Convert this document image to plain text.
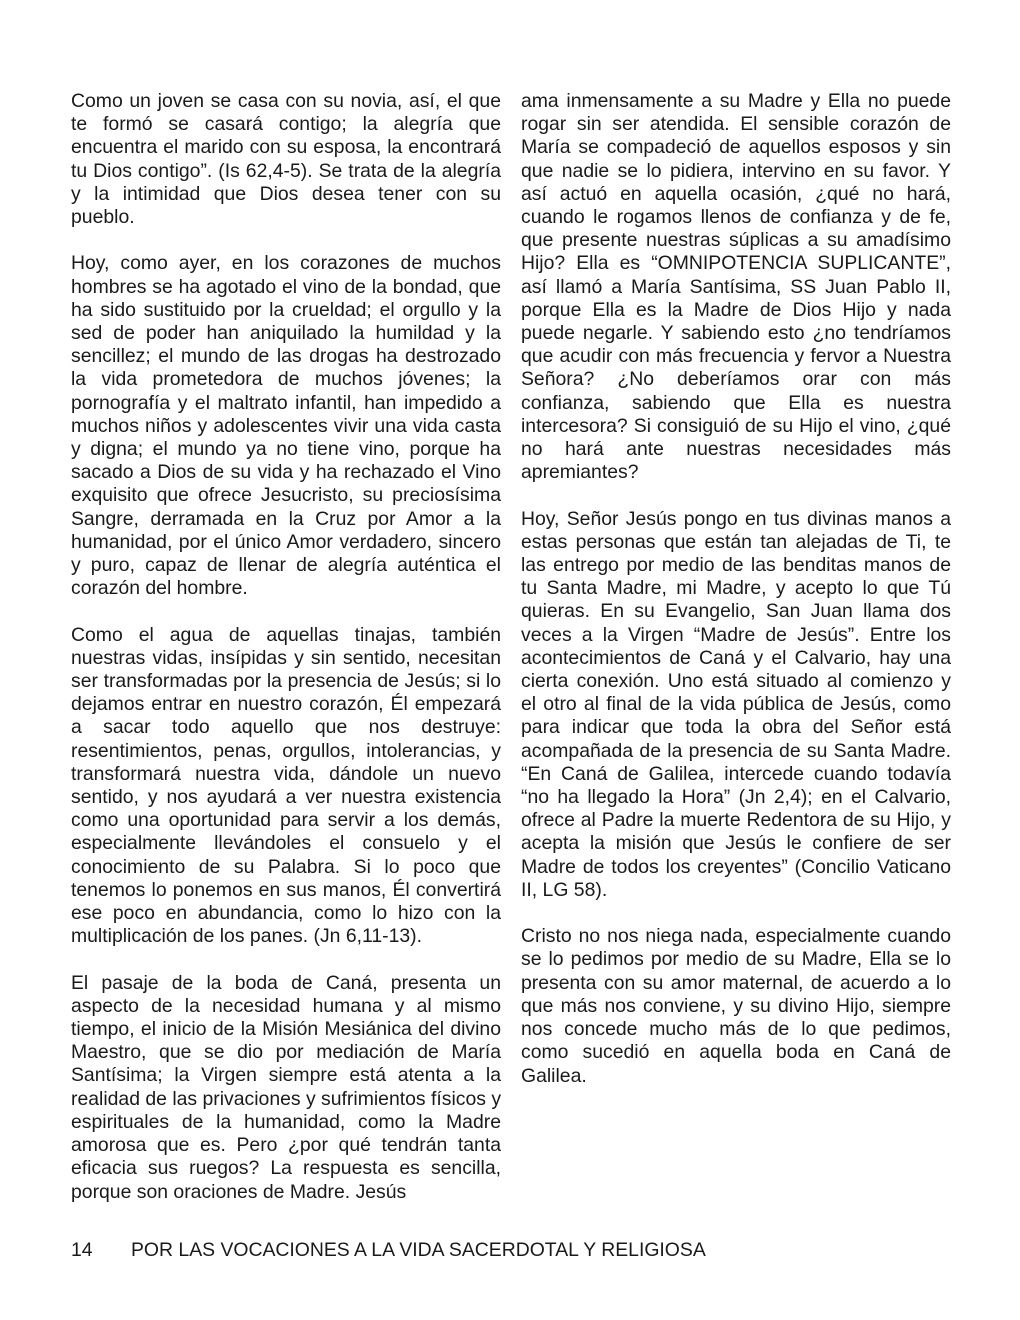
Como un joven se casa con su novia, así, el que te formó se casará contigo; la alegría que encuentra el marido con su esposa, la encontrará tu Dios contigo”. (Is 62,4-5). Se trata de la alegría y la intimidad que Dios desea tener con su pueblo.

Hoy, como ayer, en los corazones de muchos hombres se ha agotado el vino de la bondad, que ha sido sustituido por la crueldad; el orgullo y la sed de poder han aniquilado la humildad y la sencillez; el mundo de las drogas ha destrozado la vida prometedora de muchos jóvenes; la pornografía y el maltrato infantil, han impedido a muchos niños y adolescentes vivir una vida casta y digna; el mundo ya no tiene vino, porque ha sacado a Dios de su vida y ha rechazado el Vino exquisito que ofrece Jesucristo, su preciosísima Sangre, derramada en la Cruz por Amor a la humanidad, por el único Amor verdadero, sincero y puro, capaz de llenar de alegría auténtica el corazón del hombre.

Como el agua de aquellas tinajas, también nuestras vidas, insípidas y sin sentido, necesitan ser transformadas por la presencia de Jesús; si lo dejamos entrar en nuestro corazón, Él empezará a sacar todo aquello que nos destruye: resentimientos, penas, orgullos, intolerancias, y transformará nuestra vida, dándole un nuevo sentido, y nos ayudará a ver nuestra existencia como una oportunidad para servir a los demás, especialmente llevándoles el consuelo y el conocimiento de su Palabra. Si lo poco que tenemos lo ponemos en sus manos, Él convertirá ese poco en abundancia, como lo hizo con la multiplicación de los panes. (Jn 6,11-13).

El pasaje de la boda de Caná, presenta un aspecto de la necesidad humana y al mismo tiempo, el inicio de la Misión Mesiánica del divino Maestro, que se dio por mediación de María Santísima; la Virgen siempre está atenta a la realidad de las privaciones y sufrimientos físicos y espirituales de la humanidad, como la Madre amorosa que es. Pero ¿por qué tendrán tanta eficacia sus ruegos? La respuesta es sencilla, porque son oraciones de Madre. Jesús

ama inmensamente a su Madre y Ella no puede rogar sin ser atendida. El sensible corazón de María se compadeció de aquellos esposos y sin que nadie se lo pidiera, intervino en su favor. Y así actuó en aquella ocasión, ¿qué no hará, cuando le rogamos llenos de confianza y de fe, que presente nuestras súplicas a su amadísimo Hijo? Ella es “OMNIPOTENCIA SUPLICANTE”, así llamó a María Santísima, SS Juan Pablo II, porque Ella es la Madre de Dios Hijo y nada puede negarle. Y sabiendo esto ¿no tendríamos que acudir con más frecuencia y fervor a Nuestra Señora? ¿No deberíamos orar con más confianza, sabiendo que Ella es nuestra intercesora? Si consiguió de su Hijo el vino, ¿qué no hará ante nuestras necesidades más apremiantes?

Hoy, Señor Jesús pongo en tus divinas manos a estas personas que están tan alejadas de Ti, te las entrego por medio de las benditas manos de tu Santa Madre, mi Madre, y acepto lo que Tú quieras. En su Evangelio, San Juan llama dos veces a la Virgen “Madre de Jesús”. Entre los acontecimientos de Caná y el Calvario, hay una cierta conexión. Uno está situado al comienzo y el otro al final de la vida pública de Jesús, como para indicar que toda la obra del Señor está acompañada de la presencia de su Santa Madre. “En Caná de Galilea, intercede cuando todavía “no ha llegado la Hora” (Jn 2,4); en el Calvario, ofrece al Padre la muerte Redentora de su Hijo, y acepta la misión que Jesús le confiere de ser Madre de todos los creyentes” (Concilio Vaticano II, LG 58).

Cristo no nos niega nada, especialmente cuando se lo pedimos por medio de su Madre, Ella se lo presenta con su amor maternal, de acuerdo a lo que más nos conviene, y su divino Hijo, siempre nos concede mucho más de lo que pedimos, como sucedió en aquella boda en Caná de Galilea.

14 POR LAS VOCACIONES A LA VIDA SACERDOTAL Y RELIGIOSA
